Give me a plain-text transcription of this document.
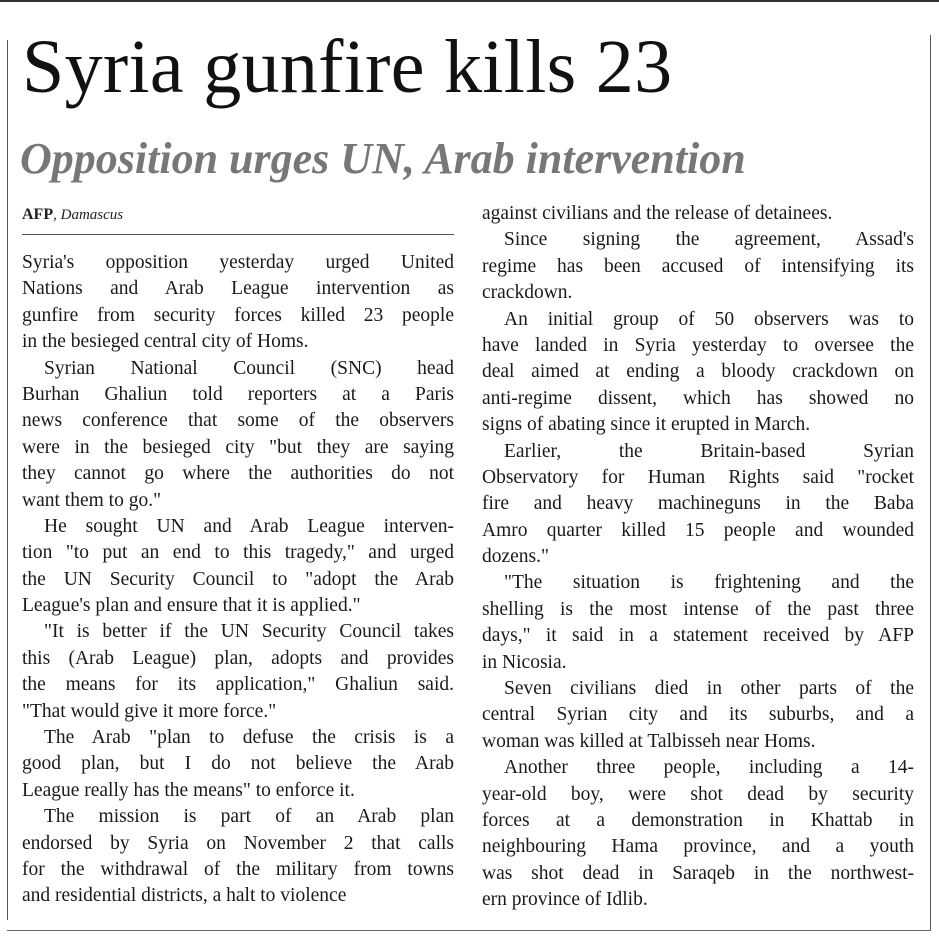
Syria gunfire kills 23
Opposition urges UN, Arab intervention
AFP, Damascus

Syria's opposition yesterday urged United
Nations and Arab League intervention as
gunfire from security forces killed 23 people
in the besieged central city of Homs.

Syrian National Council (SNC) head
Burhan Ghaliun told reporters at a Paris
news conference that some of the observers
were in the besieged city "but they are saying
they cannot go where the authorities do not
want them to go."

He sought UN and Arab League interven-
tion "to put an end to this tragedy," and urged
the UN Security Council to "adopt the Arab
League's plan and ensure that it is applied."

"It is better if the UN Security Council takes
this (Arab League) plan, adopts and provides
the means for its application," Ghaliun said.
"That would give it more force."

The Arab "plan to defuse the crisis is a
good plan, but I do not believe the Arab
League really has the means" to enforce it.

The mission is part of an Arab plan
endorsed by Syria on November 2 that calls
for the withdrawal of the military from towns
and residential districts, a halt to violence

against civilians and the release of detainees.

Since signing the agreement, Assad's
regime has been accused of intensifying its
crackdown.

An initial group of 50 observers was to
have landed in Syria yesterday to oversee the
deal aimed at ending a bloody crackdown on
anti-regime dissent, which has showed no
signs of abating since it erupted in March.

Earlier, the Britain-based Syrian
Observatory for Human Rights said "rocket
fire and heavy machineguns in the Baba
Amro quarter killed 15 people and wounded
dozens."

"The situation is frightening and the
shelling is the most intense of the past three
days," it said in a statement received by AFP
in Nicosia.

Seven civilians died in other parts of the
central Syrian city and its suburbs, and a
woman was killed at Talbisseh near Homs.

Another three people, including a 14-
year-old boy, were shot dead by security
forces at a demonstration in Khattab in
neighbouring Hama province, and a youth
was shot dead in Saraqeb in the northwest-
ern province of Idlib.
